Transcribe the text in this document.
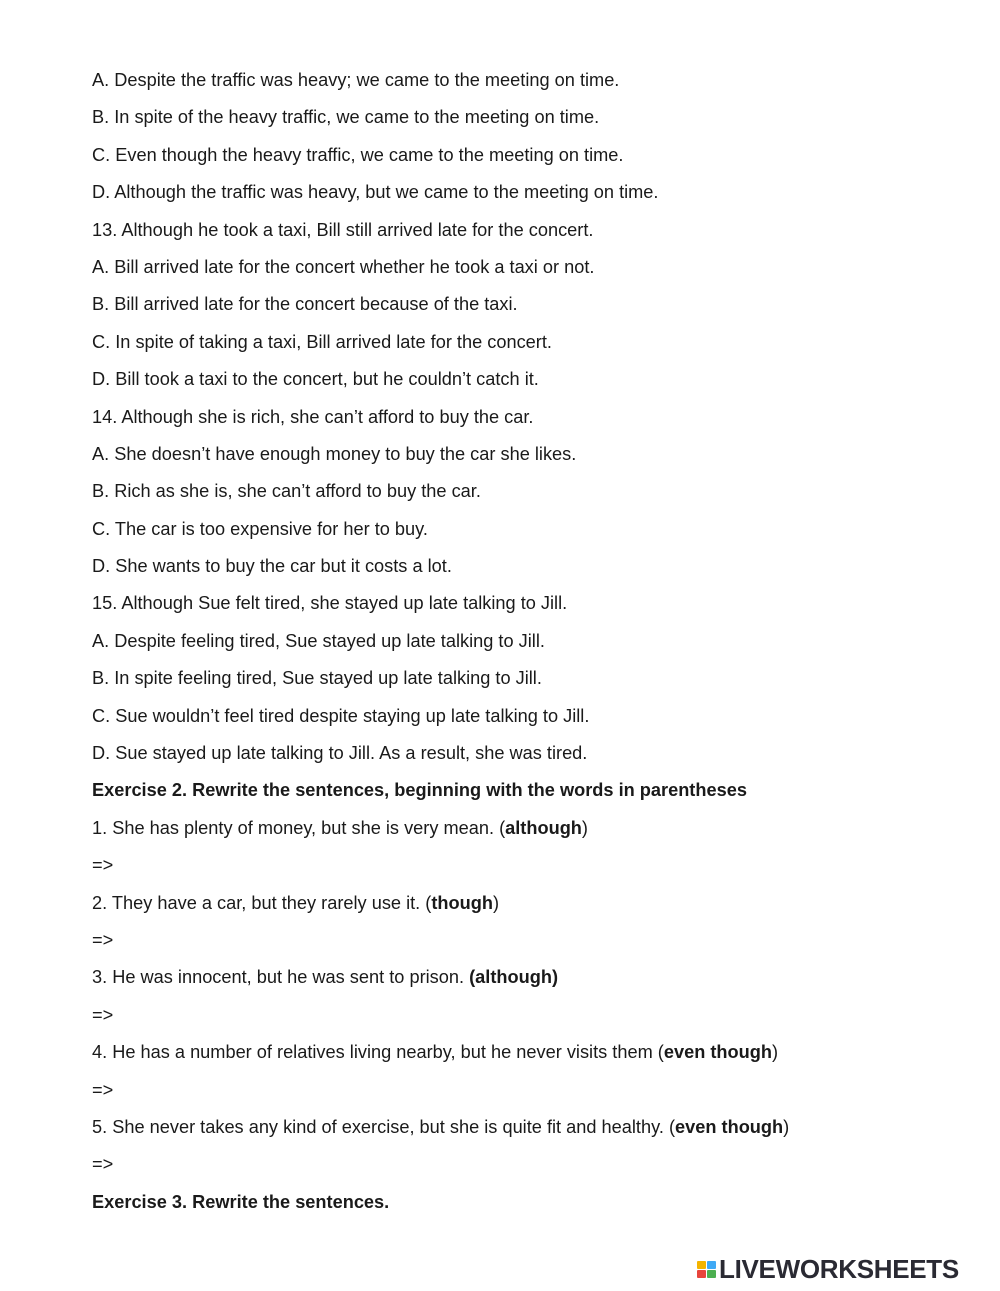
A. Despite the traffic was heavy; we came to the meeting on time.
B. In spite of the heavy traffic, we came to the meeting on time.
C. Even though the heavy traffic, we came to the meeting on time.
D. Although the traffic was heavy, but we came to the meeting on time.
13. Although he took a taxi, Bill still arrived late for the concert.
A. Bill arrived late for the concert whether he took a taxi or not.
B. Bill arrived late for the concert because of the taxi.
C. In spite of taking a taxi, Bill arrived late for the concert.
D. Bill took a taxi to the concert, but he couldn’t catch it.
14. Although she is rich, she can’t afford to buy the car.
A. She doesn’t have enough money to buy the car she likes.
B. Rich as she is, she can’t afford to buy the car.
C. The car is too expensive for her to buy.
D. She wants to buy the car but it costs a lot.
15. Although Sue felt tired, she stayed up late talking to Jill.
A. Despite feeling tired, Sue stayed up late talking to Jill.
B. In spite feeling tired, Sue stayed up late talking to Jill.
C. Sue wouldn’t feel tired despite staying up late talking to Jill.
D. Sue stayed up late talking to Jill. As a result, she was tired.
Exercise 2. Rewrite the sentences, beginning with the words in parentheses
1. She has plenty of money, but she is very mean. (although)
=>
2. They have a car, but they rarely use it. (though)
=>
3. He was innocent, but he was sent to prison. (although)
=>
4. He has a number of relatives living nearby, but he never visits them (even though)
=>
5. She never takes any kind of exercise, but she is quite fit and healthy. (even though)
=>
Exercise 3. Rewrite the sentences.
LIVEWORKSHEETS
